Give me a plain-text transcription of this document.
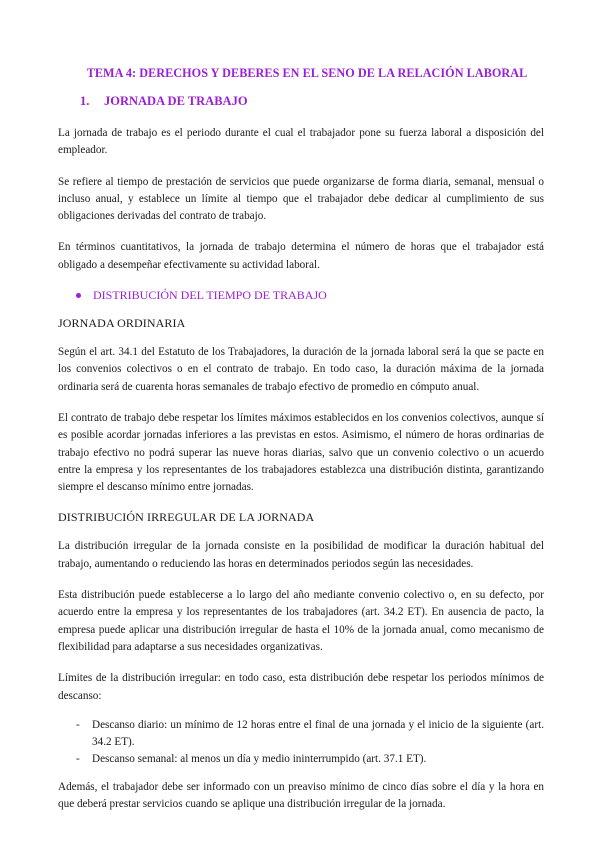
TEMA 4: DERECHOS Y DEBERES EN EL SENO DE LA RELACIÓN LABORAL
1.	JORNADA DE TRABAJO

La jornada de trabajo es el periodo durante el cual el trabajador pone su fuerza laboral a disposición del empleador.

Se refiere al tiempo de prestación de servicios que puede organizarse de forma diaria, semanal, mensual o incluso anual, y establece un límite al tiempo que el trabajador debe dedicar al cumplimiento de sus obligaciones derivadas del contrato de trabajo.

En términos cuantitativos, la jornada de trabajo determina el número de horas que el trabajador está obligado a desempeñar efectivamente su actividad laboral.

DISTRIBUCIÓN DEL TIEMPO DE TRABAJO
JORNADA ORDINARIA

Según el art. 34.1 del Estatuto de los Trabajadores, la duración de la jornada laboral será la que se pacte en los convenios colectivos o en el contrato de trabajo. En todo caso, la duración máxima de la jornada ordinaria será de cuarenta horas semanales de trabajo efectivo de promedio en cómputo anual.

El contrato de trabajo debe respetar los límites máximos establecidos en los convenios colectivos, aunque sí es posible acordar jornadas inferiores a las previstas en estos. Asimismo, el número de horas ordinarias de trabajo efectivo no podrá superar las nueve horas diarias, salvo que un convenio colectivo o un acuerdo entre la empresa y los representantes de los trabajadores establezca una distribución distinta, garantizando siempre el descanso mínimo entre jornadas.

DISTRIBUCIÓN IRREGULAR DE LA JORNADA

La distribución irregular de la jornada consiste en la posibilidad de modificar la duración habitual del trabajo, aumentando o reduciendo las horas en determinados periodos según las necesidades.

Esta distribución puede establecerse a lo largo del año mediante convenio colectivo o, en su defecto, por acuerdo entre la empresa y los representantes de los trabajadores (art. 34.2 ET). En ausencia de pacto, la empresa puede aplicar una distribución irregular de hasta el 10% de la jornada anual, como mecanismo de flexibilidad para adaptarse a sus necesidades organizativas.

Límites de la distribución irregular: en todo caso, esta distribución debe respetar los periodos mínimos de descanso:

-	Descanso diario: un mínimo de 12 horas entre el final de una jornada y el inicio de la siguiente (art. 34.2 ET).
-	Descanso semanal: al menos un día y medio ininterrumpido (art. 37.1 ET).

Además, el trabajador debe ser informado con un preaviso mínimo de cinco días sobre el día y la hora en que deberá prestar servicios cuando se aplique una distribución irregular de la jornada.
